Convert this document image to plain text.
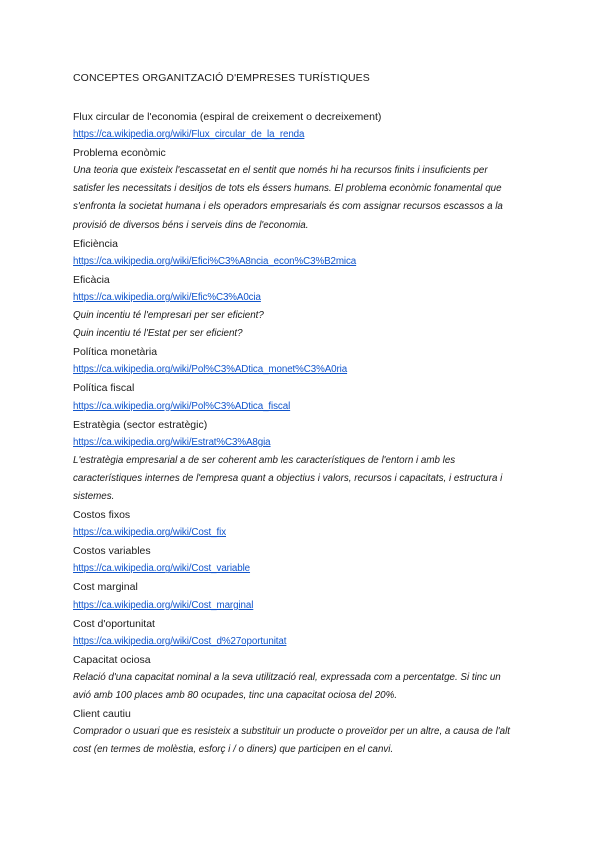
CONCEPTES ORGANITZACIÓ D'EMPRESES TURÍSTIQUES
Flux circular de l'economia (espiral de creixement o decreixement)
https://ca.wikipedia.org/wiki/Flux_circular_de_la_renda
Problema econòmic
Una teoria que existeix l'escassetat en el sentit que només hi ha recursos finits i insuficients per
satisfer les necessitats i desitjos de tots els éssers humans. El problema econòmic fonamental que
s'enfronta la societat humana i els operadors empresarials és com assignar recursos escassos a la
provisió de diversos béns i serveis dins de l'economia.
Eficiència
https://ca.wikipedia.org/wiki/Efici%C3%A8ncia_econ%C3%B2mica
Eficàcia
https://ca.wikipedia.org/wiki/Efic%C3%A0cia
Quin incentiu té l'empresari per ser eficient?
Quin incentiu té l'Estat per ser eficient?
Política monetària
https://ca.wikipedia.org/wiki/Pol%C3%ADtica_monet%C3%A0ria
Política fiscal
https://ca.wikipedia.org/wiki/Pol%C3%ADtica_fiscal
Estratègia (sector estratègic)
https://ca.wikipedia.org/wiki/Estrat%C3%A8gia
L'estratègia empresarial a de ser coherent amb les característiques de l'entorn i amb les
característiques internes de l'empresa quant a objectius i valors, recursos i capacitats, i estructura i
sistemes.
Costos fixos
https://ca.wikipedia.org/wiki/Cost_fix
Costos variables
https://ca.wikipedia.org/wiki/Cost_variable
Cost marginal
https://ca.wikipedia.org/wiki/Cost_marginal
Cost d'oportunitat
https://ca.wikipedia.org/wiki/Cost_d%27oportunitat
Capacitat ociosa
Relació d'una capacitat nominal a la seva utilització real, expressada com a percentatge. Si tinc un
avió amb 100 places amb 80 ocupades, tinc una capacitat ociosa del 20%.
Client cautiu
Comprador o usuari que es resisteix a substituir un producte o proveïdor per un altre, a causa de l'alt
cost (en termes de molèstia, esforç i / o diners) que participen en el canvi.
